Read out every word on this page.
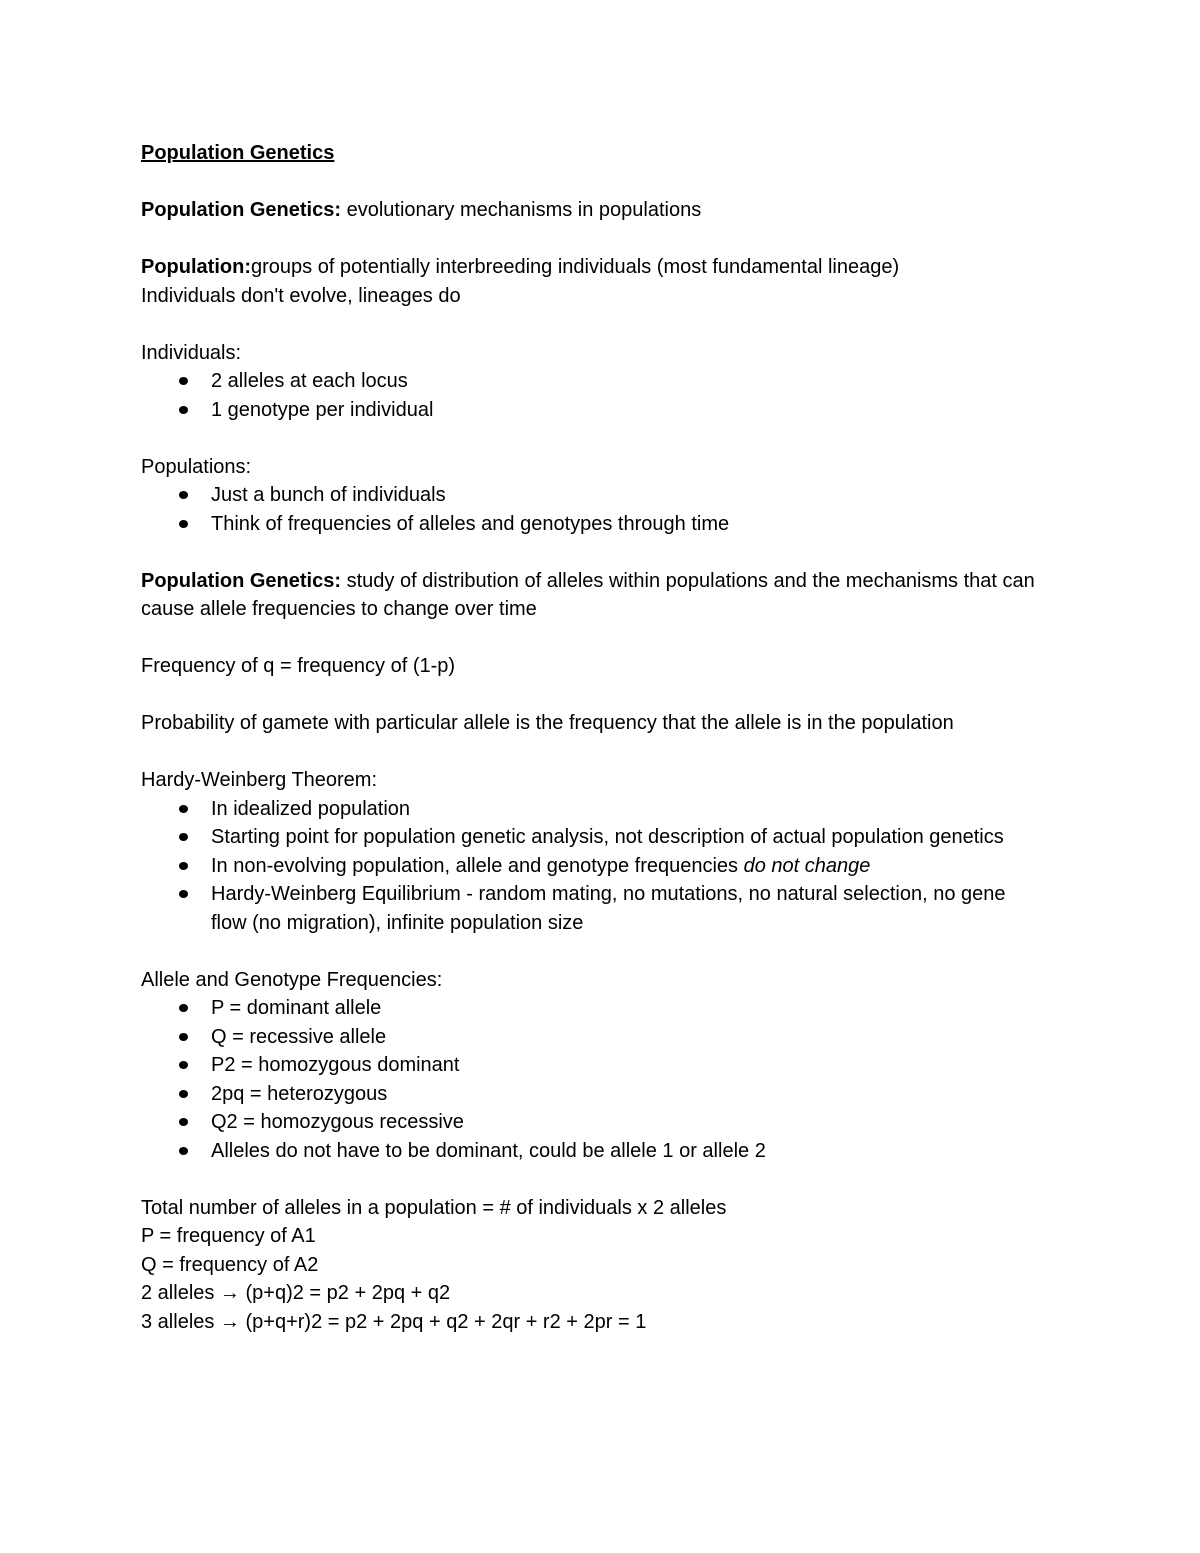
Population Genetics

Population Genetics: evolutionary mechanisms in populations

Population:groups of potentially interbreeding individuals (most fundamental lineage)

Individuals don't evolve, lineages do

Individuals:

2 alleles at each locus
1 genotype per individual

Populations:

Just a bunch of individuals
Think of frequencies of alleles and genotypes through time

Population Genetics: study of distribution of alleles within populations and the mechanisms that can cause allele frequencies to change over time

Frequency of q = frequency of (1-p)

Probability of gamete with particular allele is the frequency that the allele is in the population

Hardy-Weinberg Theorem:

In idealized population
Starting point for population genetic analysis, not description of actual population genetics
In non-evolving population, allele and genotype frequencies do not change
Hardy-Weinberg Equilibrium - random mating, no mutations, no natural selection, no gene flow (no migration), infinite population size

Allele and Genotype Frequencies:

P = dominant allele
Q = recessive allele
P2 = homozygous dominant
2pq = heterozygous
Q2 = homozygous recessive
Alleles do not have to be dominant, could be allele 1 or allele 2

Total number of alleles in a population = # of individuals x 2 alleles

P = frequency of A1

Q = frequency of A2

2 alleles → (p+q)2 = p2 + 2pq + q2

3 alleles → (p+q+r)2 = p2 + 2pq + q2 + 2qr + r2 + 2pr = 1
